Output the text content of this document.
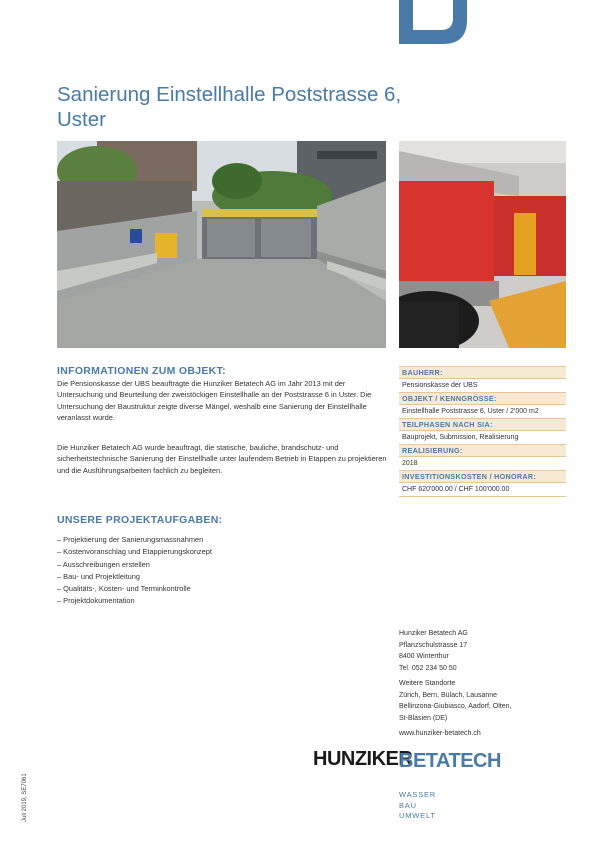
Sanierung Einstellhalle Poststrasse 6,
Uster
INFORMATIONEN ZUM OBJEKT:

Die Pensionskasse der UBS beauftragte die Hunziker Betatech AG im Jahr 2013 mit der Untersuchung und Beurteilung der zweistöckigen Einstellhalle an der Poststrasse 6 in Uster. Die Untersuchung der Baustruktur zeigte diverse Mängel, weshalb eine Sanierung der Einstellhalle veranlasst wurde.

Die Hunziker Betatech AG wurde beauftragt, die statische, bauliche, brandschutz- und sicherheitstechnische Sanierung der Einstellhalle unter laufendem Betrieb in Etappen zu projektieren und die Ausführungsarbeiten fachlich zu begleiten.

UNSERE PROJEKTAUFGABEN:
– Projektierung der Sanierungsmassnahmen
– Kostenvoranschlag und Etappierungskonzept
– Ausschreibungen erstellen
– Bau- und Projektleitung
– Qualitäts-, Kosten- und Terminkontrolle
– Projektdokumentation
BAUHERR:
Pensionskasse der UBS
OBJEKT / KENNGRÖSSE:
Einstellhalle Poststrasse 6, Uster / 2'000 m2
TEILPHASEN NACH SIA:
Bauprojekt, Submission, Realisierung
REALISIERUNG:
2018
INVESTITIONSKOSTEN / HONORAR:
CHF 620'000.00 / CHF 100'000.00

Hunziker Betatech AG

Pflanzschulstrasse 17

8400 Winterthur

Tel. 052 234 50 50

Weitere Standorte

Zürich, Bern, Bülach, Lausanne

Bellinzona-Giubiasco, Aadorf, Olten,

St-Blasien (DE)

www.hunziker-betatech.ch

HUNZIKER
BETATECH
WASSER
BAU
UMWELT
Juli 2019, SE7061
